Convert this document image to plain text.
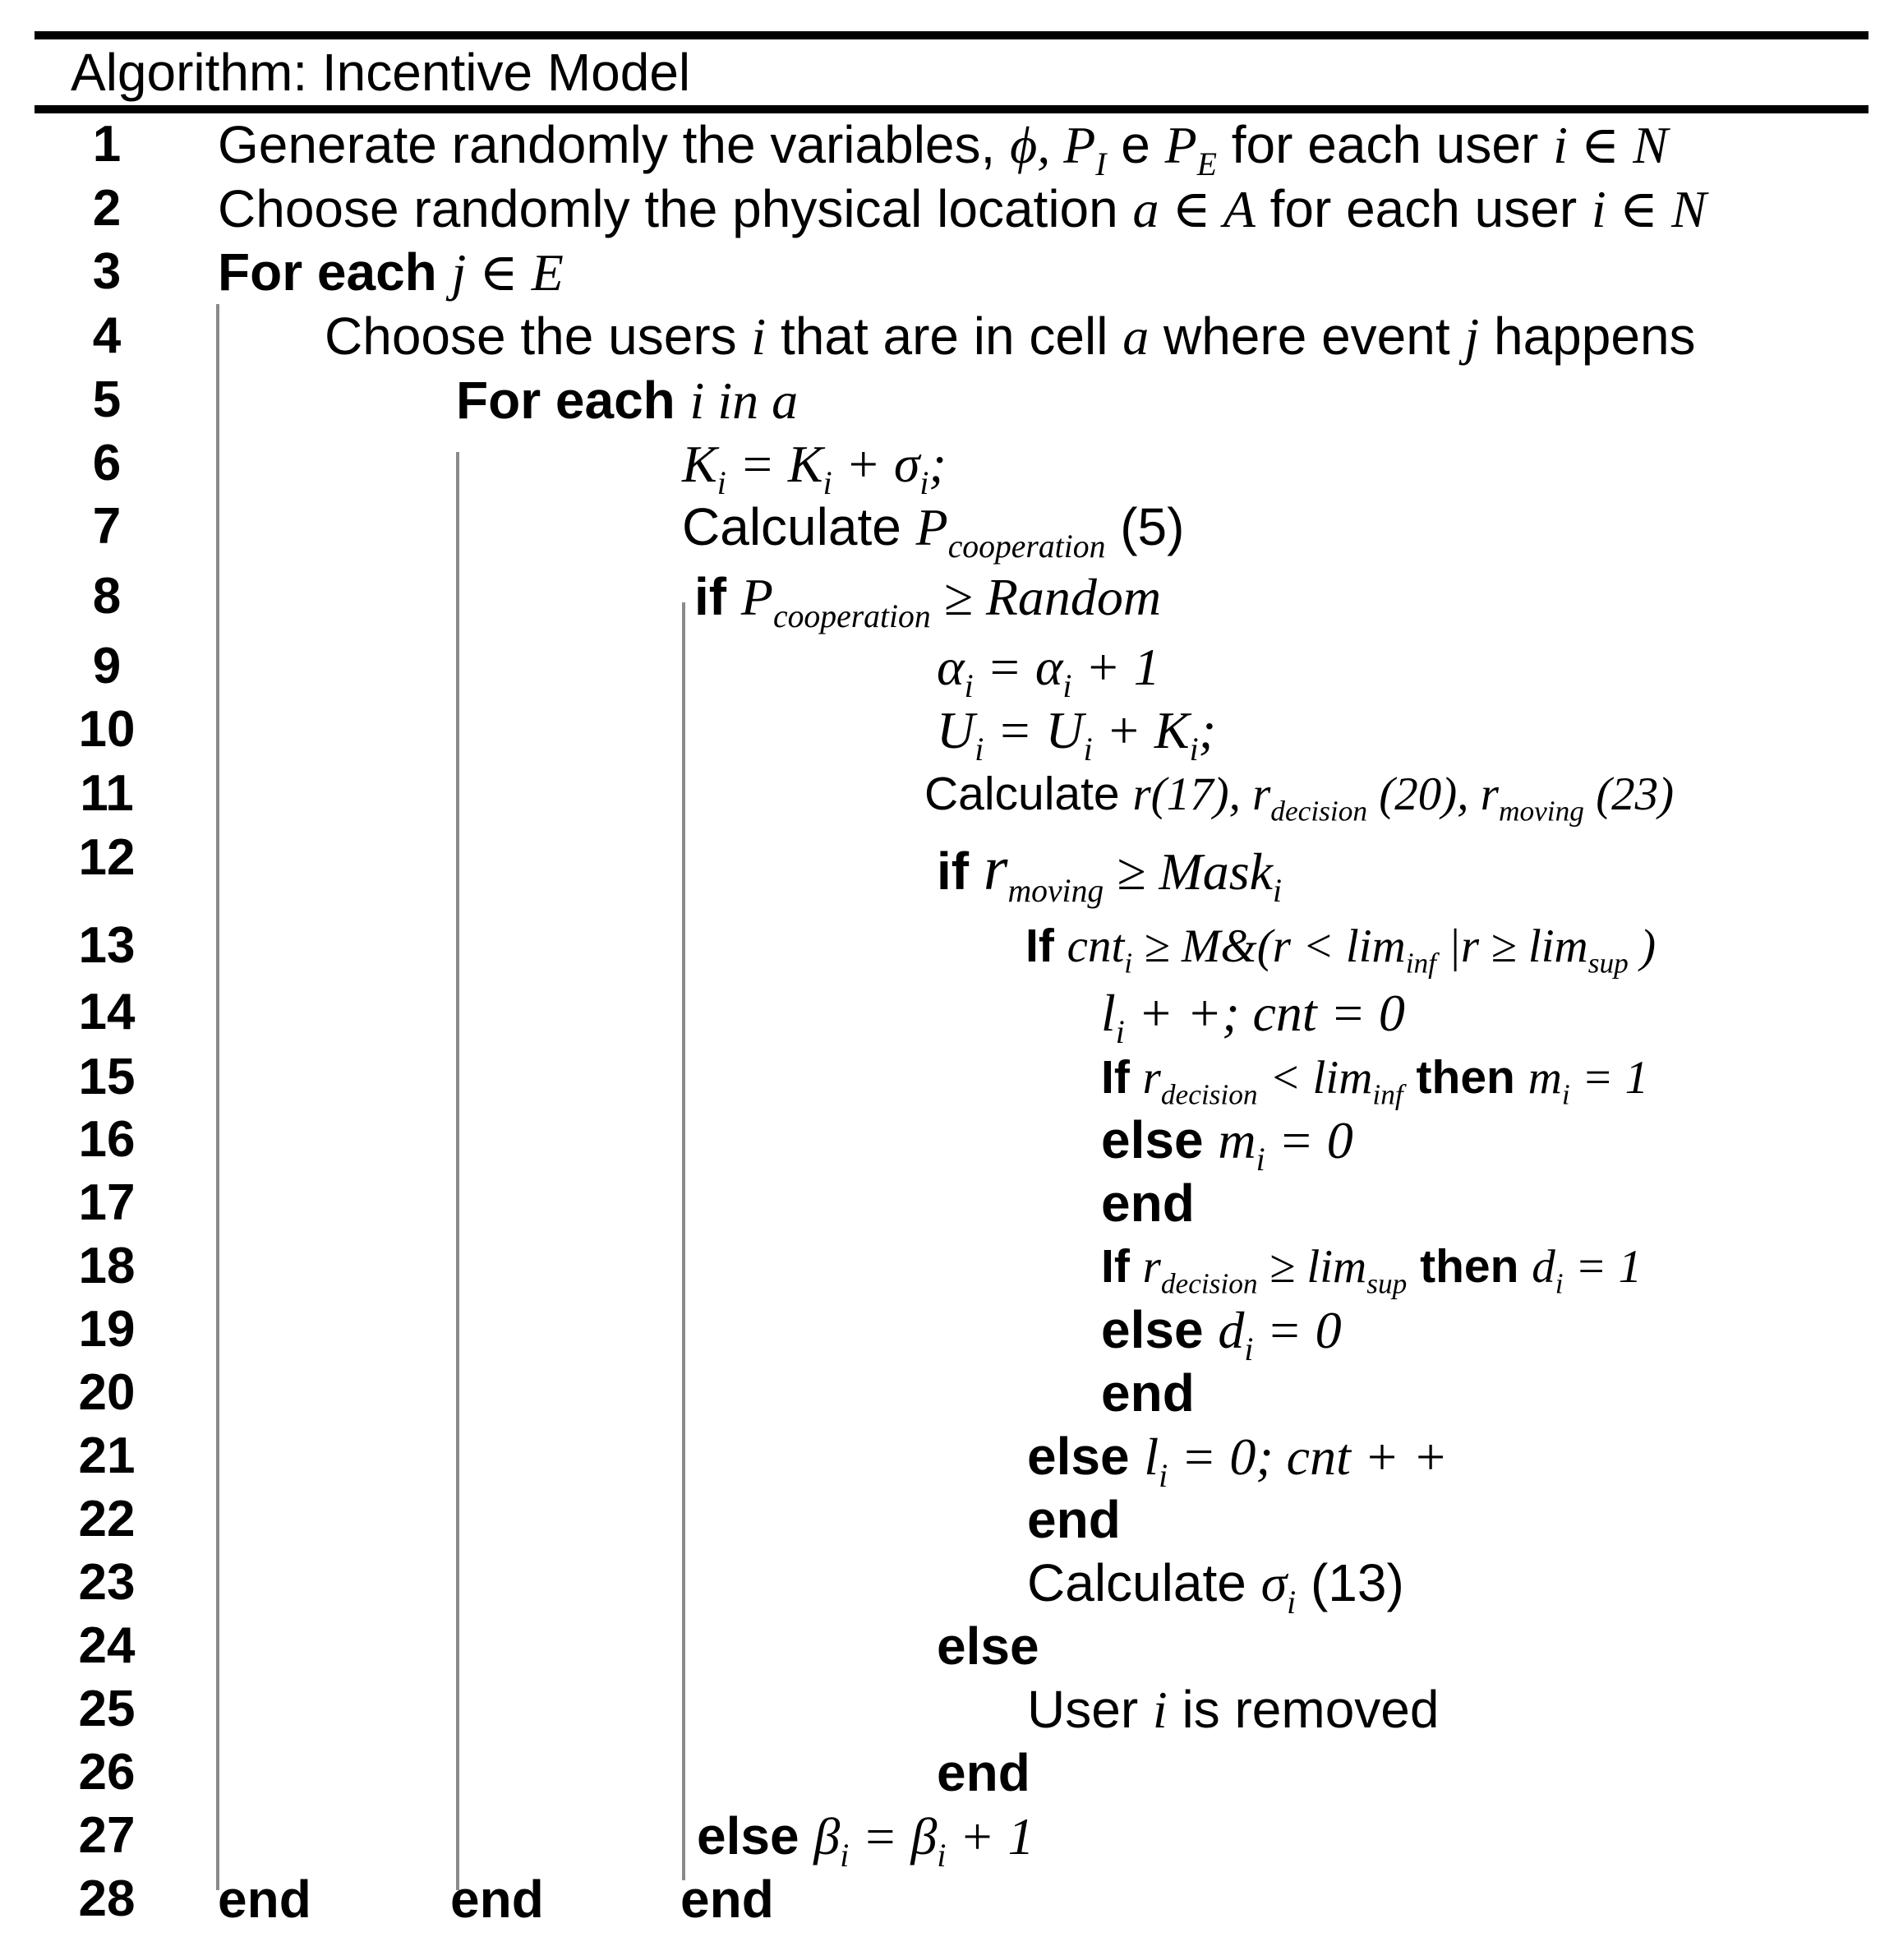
Algorithm: Incentive Model
1
2
3
4
5
6
7
8
9
10
11
12
13
14
15
16
17
18
19
20
21
22
23
24
25
26
27
28
Generate randomly the variables, ϕ, $P_I$ e $P_E$ for each user i ∈ N
Choose randomly the physical location a ∈ A for each user i ∈ N
For each j ∈ E
Choose the users i that are in cell a where event j happens
For each i in a
$K_i = K_i + \sigma_i$;
Calculate $P_{cooperation}$ (5)
if $P_{cooperation}$ ≥ Random
$\alpha_i = \alpha_i + 1$
$U_i = U_i + K_i$;
Calculate r(17), $r_{decision}$ (20), $r_{moving}$ (23)
if $r_{moving}$ ≥ Mask$_i$
If cnt$_i$ ≥ M&(r < $\lim_{inf} |r \ge \lim_{sup}$ )
$l_i$ + +; cnt = 0
If $r_{decision} < \lim_{inf}$ then $m_i = 1$
else $m_i = 0$
end
If $r_{decision} \ge \lim_{sup}$ then $d_i = 1$
else $d_i = 0$
end
else $l_i = 0$; cnt + +
end
Calculate $\sigma_i$ (13)
else
User i is removed
end
else $\beta_i = \beta_i + 1$
end	end	end
